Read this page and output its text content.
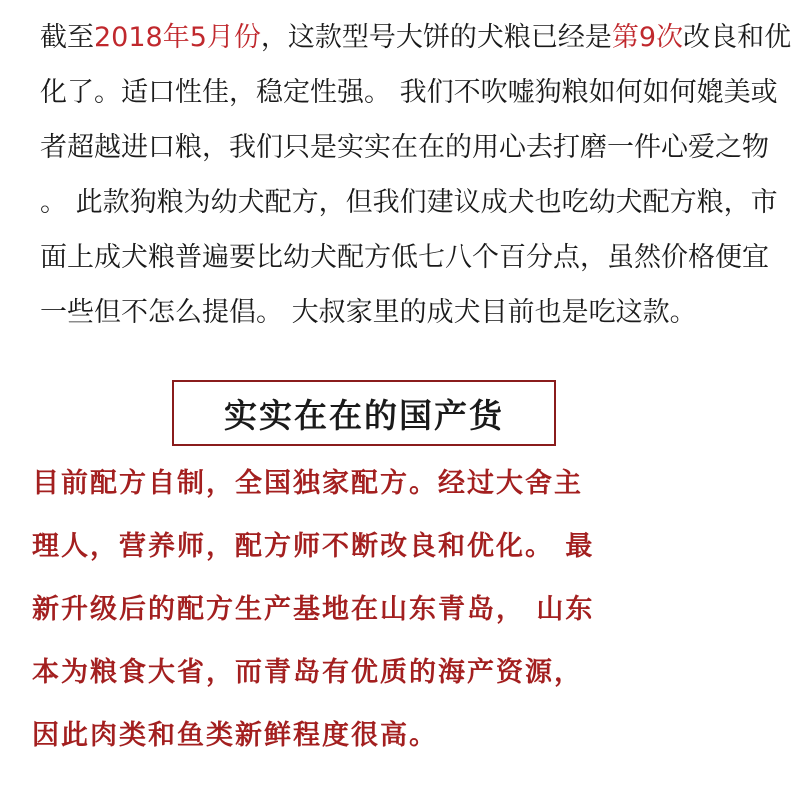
截至2018年5月份，这款型号大饼的犬粮已经是第9次改良和优
化了。适口性佳，稳定性强。 我们不吹嘘狗粮如何如何媲美或
者超越进口粮，我们只是实实在在的用心去打磨一件心爱之物
。 此款狗粮为幼犬配方，但我们建议成犬也吃幼犬配方粮，市
面上成犬粮普遍要比幼犬配方低七八个百分点，虽然价格便宜
一些但不怎么提倡。 大叔家里的成犬目前也是吃这款。
实实在在的国产货
目前配方自制，全国独家配方。经过大舍主
理人，营养师，配方师不断改良和优化。 最
新升级后的配方生产基地在山东青岛， 山东
本为粮食大省，而青岛有优质的海产资源，
因此肉类和鱼类新鲜程度很高。
